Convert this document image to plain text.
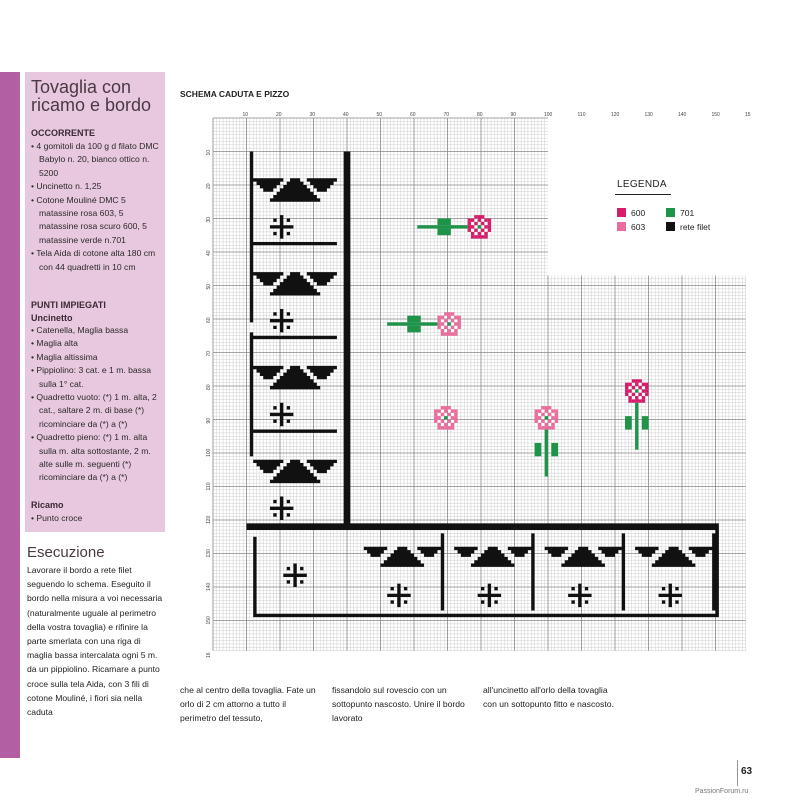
Tovaglia con ricamo e bordo
OCCORRENTE
• 4 gomitoli da 100 g d filato DMC Babylo n. 20, bianco ottico n. 5200
• Uncinetto n. 1,25
• Cotone Mouliné DMC 5 matassine rosa 603, 5 matassine rosa scuro 600, 5 matassine verde n.701
• Tela Aida di cotone alta 180 cm con 44 quadretti in 10 cm
PUNTI IMPIEGATI
Uncinetto
• Catenella, Maglia bassa
• Maglia alta
• Maglia altissima
• Pippiolino: 3 cat. e 1 m. bassa sulla 1° cat.
• Quadretto vuoto: (*) 1 m. alta, 2 cat., saltare 2 m. di base (*) ricominciare da (*) a (*)
• Quadretto pieno: (*) 1 m. alta sulla m. alta sottostante, 2 m. alte sulle m. seguenti (*) ricominciare da (*) a (*)
Ricamo
• Punto croce
Esecuzione

Lavorare il bordo a rete filet seguendo lo schema. Eseguito il bordo nella misura a voi necessaria (naturalmente uguale al perimetro della vostra tovaglia) e rifinire la parte smerlata con una riga di maglia bassa intercalata ogni 5 m. da un pippiolino. Ricamare a punto croce sulla tela Aida, con 3 fili di cotone Mouliné, i fiori sia nella caduta

che al centro della tovaglia. Fate un orlo di 2 cm attorno a tutto il perimetro del tessuto,

fissandolo sul rovescio con un sottopunto nascosto. Unire il bordo lavorato

all'uncinetto all'orlo della tovaglia con un sottopunto fitto e nascosto.

SCHEMA CADUTA E PIZZO
10	20	30	40	50	60	70	80	90	100	110	120	130	140	150	15
10
20
30
40
50
60
70
80
90
100
110
120
130
140
150
16
LEGENDA
600	701
603	rete filet
63
PassionForum.ru
